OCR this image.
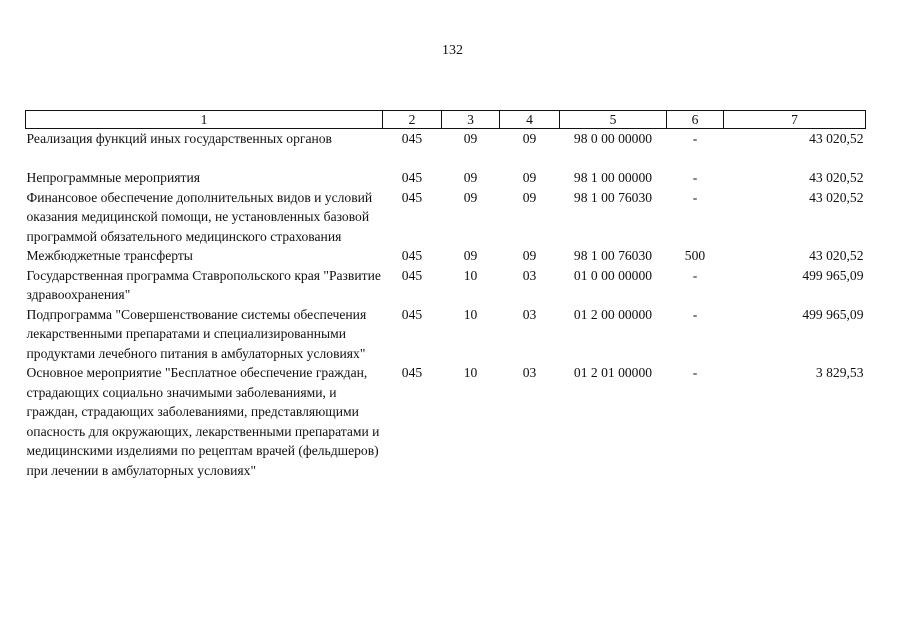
132
1	2	3	4	5	6	7
Реализация функций иных государственных органов	045	09	09	98 0 00 00000	-	43 020,52

Непрограммные мероприятия	045	09	09	98 1 00 00000	-	43 020,52
Финансовое обеспечение дополнительных видов и условий оказания медицинской помощи, не установленных базовой программой обязательного медицинского страхования	045	09	09	98 1 00 76030	-	43 020,52
Межбюджетные трансферты	045	09	09	98 1 00 76030	500	43 020,52
Государственная программа Ставропольского края "Развитие здравоохранения"	045	10	03	01 0 00 00000	-	499 965,09
Подпрограмма "Совершенствование системы обеспечения лекарственными препаратами и специализированными продуктами лечебного питания в амбулаторных условиях"	045	10	03	01 2 00 00000	-	499 965,09
Основное мероприятие "Бесплатное обеспечение граждан, страдающих социально значимыми заболеваниями, и граждан, страдающих заболеваниями, представляющими опасность для окружающих, лекарственными препаратами и медицинскими изделиями по рецептам врачей (фельдшеров) при лечении в амбулаторных условиях"	045	10	03	01 2 01 00000	-	3 829,53
